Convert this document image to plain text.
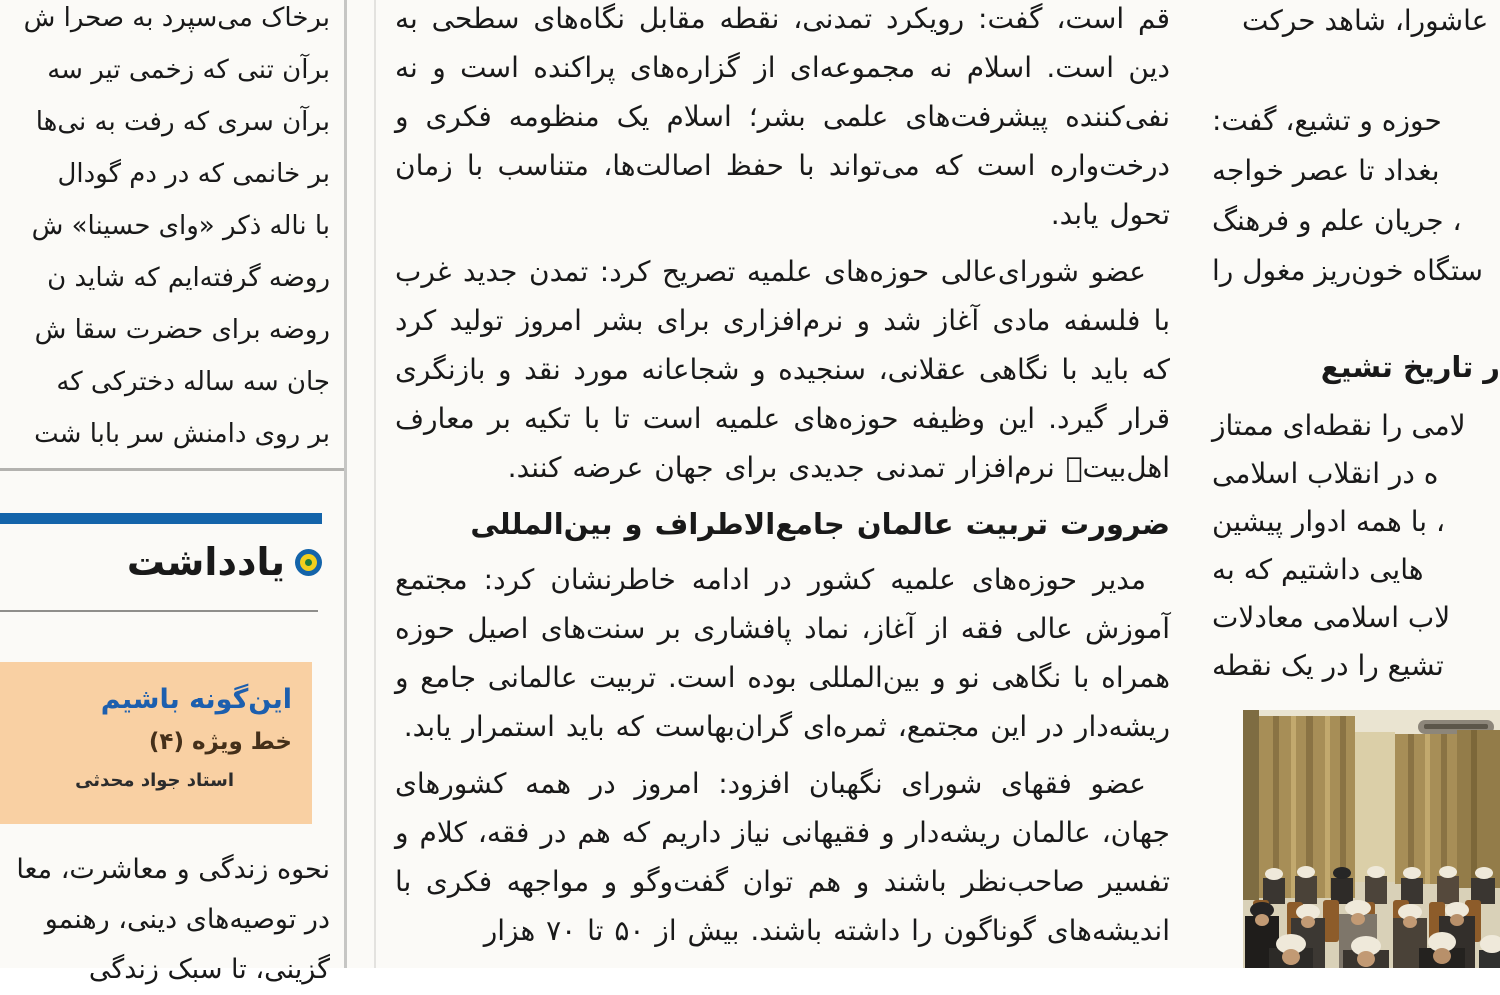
برخاک می‌سپرد به صحرا ش
برآن تنی که زخمی تیر سه
برآن سری که رفت به نی‌ها
بر خانمی که در دم گودال
با ناله ذکر «وای حسینا» ش
روضه گرفته‌ایم که شاید ن
روضه برای حضرت سقا ش
جان سه ساله دخترکی که
بر روی دامنش سر بابا شت
یادداشت
این‌گونه باشیم
خط ویژه (۴)
استاد جواد محدثی
نحوه زندگی و معاشرت، معا
در توصیه‌های دینی، رهنمو
گزینی، تا سبک زندگی

قم است، گفت: رویکرد تمدنی، نقطه مقابل نگاه‌های سطحی به دین است. اسلام نه مجموعه‌ای از گزاره‌های پراکنده است و نه نفی‌کننده پیشرفت‌های علمی بشر؛ اسلام یک منظومه فکری و درخت‌واره است که می‌تواند با حفظ اصالت‌ها، متناسب با زمان تحول یابد.

عضو شورای‌عالی حوزه‌های علمیه تصریح کرد: تمدن جدید غرب با فلسفه مادی آغاز شد و نرم‌افزاری برای بشر امروز تولید کرد که باید با نگاهی عقلانی، سنجیده و شجاعانه مورد نقد و بازنگری قرار گیرد. این وظیفه حوزه‌های علمیه است تا با تکیه بر معارف اهل‌بیتؑ نرم‌افزار تمدنی جدیدی برای جهان عرضه کنند.

ضرورت تربیت عالمان جامع‌الاطراف و بین‌المللی

مدیر حوزه‌های علمیه کشور در ادامه خاطرنشان کرد: مجتمع آموزش عالی فقه از آغاز، نماد پافشاری بر سنت‌های اصیل حوزه همراه با نگاهی نو و بین‌المللی بوده است. تربیت عالمانی جامع و ریشه‌دار در این مجتمع، ثمره‌ای گران‌بهاست که باید استمرار یابد.

عضو فقهای شورای نگهبان افزود: امروز در همه کشورهای جهان، عالمان ریشه‌دار و فقیهانی نیاز داریم که هم در فقه، کلام و تفسیر صاحب‌نظر باشند و هم توان گفت‌وگو و مواجهه فکری با اندیشه‌های گوناگون را داشته باشند. بیش از ۵۰ تا ۷۰ هزار

عاشورا، شاهد حرکت
حوزه و تشیع، گفت:
بغداد تا عصر خواجه
، جریان علم و فرهنگ
ستگاه خون‌ریز مغول را
ر تاریخ تشیع
لامی را نقطه‌ای ممتاز
ه در انقلاب اسلامی
، با همه ادوار پیشین
هایی داشتیم که به
لاب اسلامی معادلات
تشیع را در یک نقطه
